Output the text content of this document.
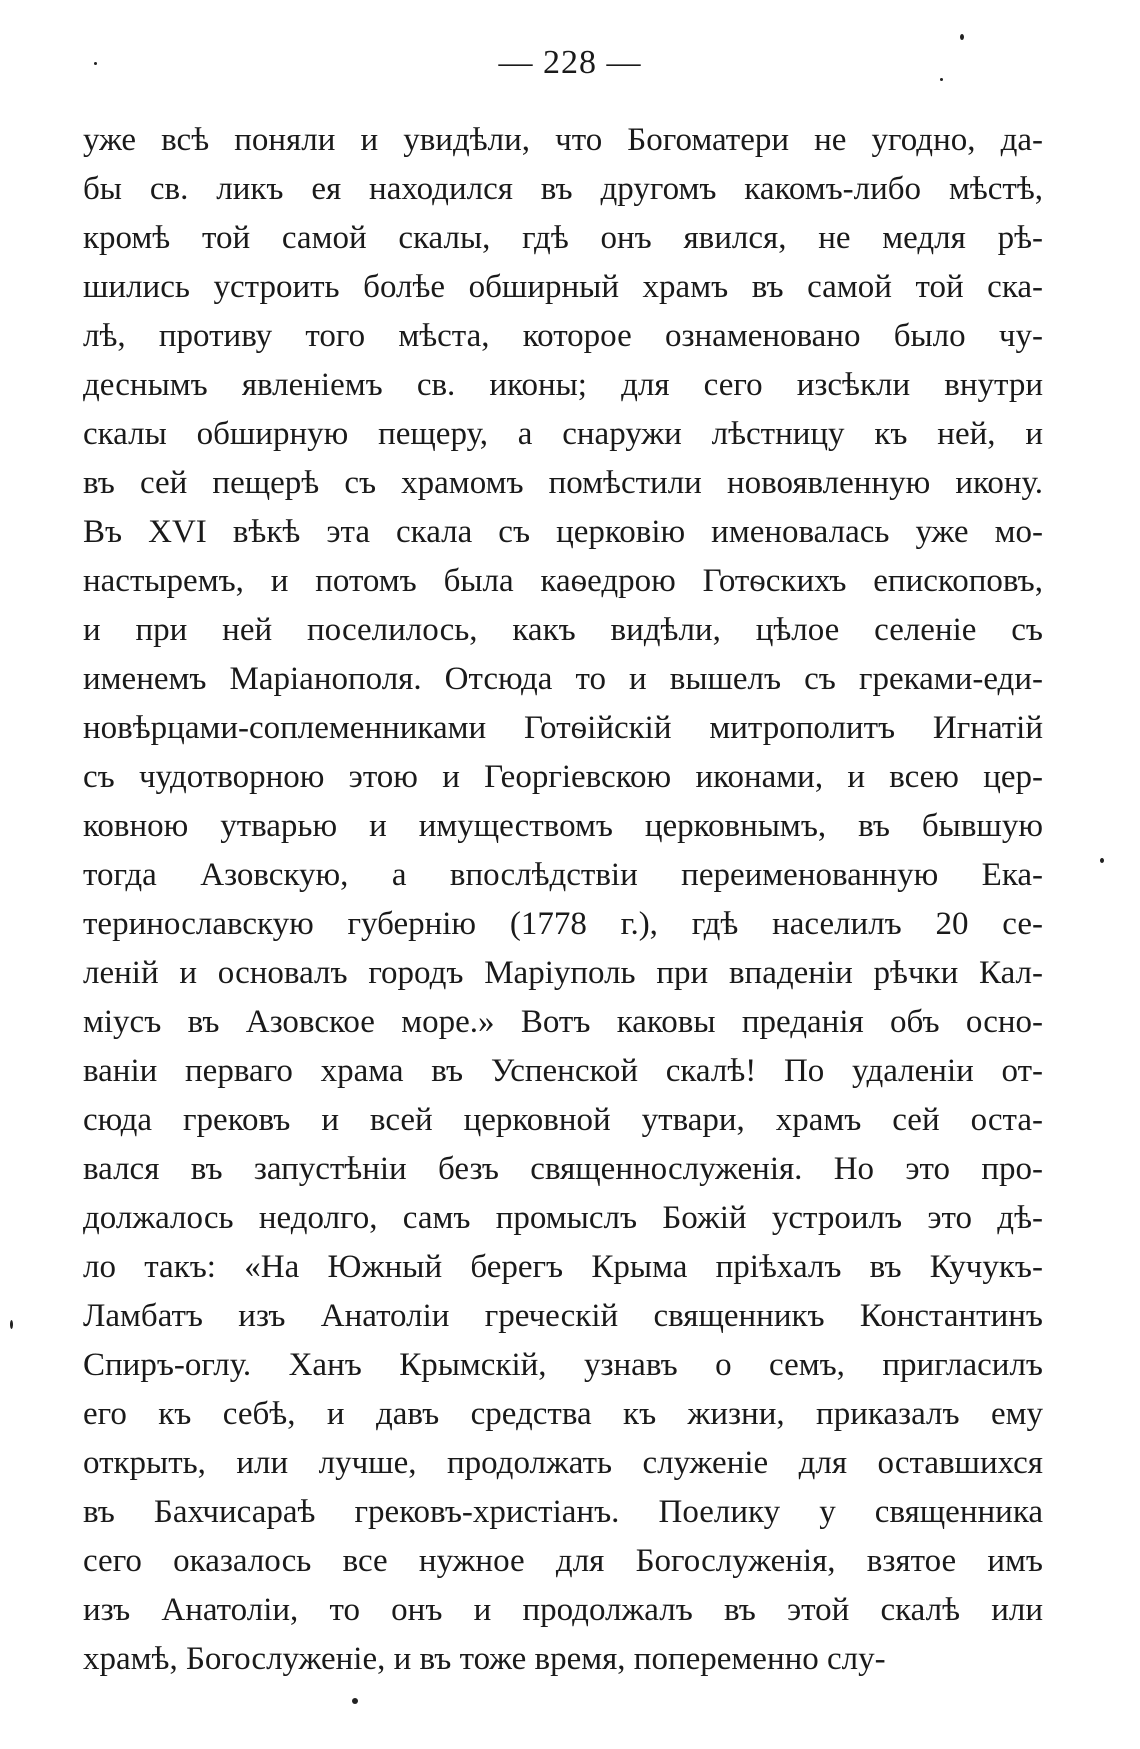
— 228 —
уже всѣ поняли и увидѣли, что Богоматери не угодно, да-
бы св. ликъ ея находился въ другомъ какомъ-либо мѣстѣ,
кромѣ той самой скалы, гдѣ онъ явился, не медля рѣ-
шились устроить болѣе обширный храмъ въ самой той ска-
лѣ, противу того мѣста, которое ознаменовано было чу-
деснымъ явленіемъ св. иконы; для сего изсѣкли внутри
скалы обширную пещеру, а снаружи лѣстницу къ ней, и
въ сей пещерѣ съ храмомъ помѣстили новоявленную икону.
Въ XVI вѣкѣ эта скала съ церковію именовалась уже мо-
настыремъ, и потомъ была каѳедрою Готѳскихъ епископовъ,
и при ней поселилось, какъ видѣли, цѣлое селеніе съ
именемъ Маріанополя. Отсюда то и вышелъ съ греками-еди-
новѣрцами-соплеменниками Готѳійскій митрополитъ Игнатій
съ чудотворною этою и Георгіевскою иконами, и всею цер-
ковною утварью и имуществомъ церковнымъ, въ бывшую
тогда Азовскую, а впослѣдствіи переименованную Ека-
теринославскую губернію (1778 г.), гдѣ населилъ 20 се-
леній и основалъ городъ Маріуполь при впаденіи рѣчки Кал-
міусъ въ Азовское море.» Вотъ каковы преданія объ осно-
ваніи перваго храма въ Успенской скалѣ! По удаленіи от-
сюда грековъ и всей церковной утвари, храмъ сей оста-
вался въ запустѣніи безъ священнослуженія. Но это про-
должалось недолго, самъ промыслъ Божій устроилъ это дѣ-
ло такъ: «На Южный берегъ Крыма пріѣхалъ въ Кучукъ-
Ламбатъ изъ Анатоліи греческій священникъ Константинъ
Спиръ-оглу. Ханъ Крымскій, узнавъ о семъ, пригласилъ
его къ себѣ, и давъ средства къ жизни, приказалъ ему
открыть, или лучше, продолжать служеніе для оставшихся
въ Бахчисараѣ грековъ-христіанъ. Поелику у священника
сего оказалось все нужное для Богослуженія, взятое имъ
изъ Анатоліи, то онъ и продолжалъ въ этой скалѣ или
храмѣ, Богослуженіе, и въ тоже время, попеременно слу-
